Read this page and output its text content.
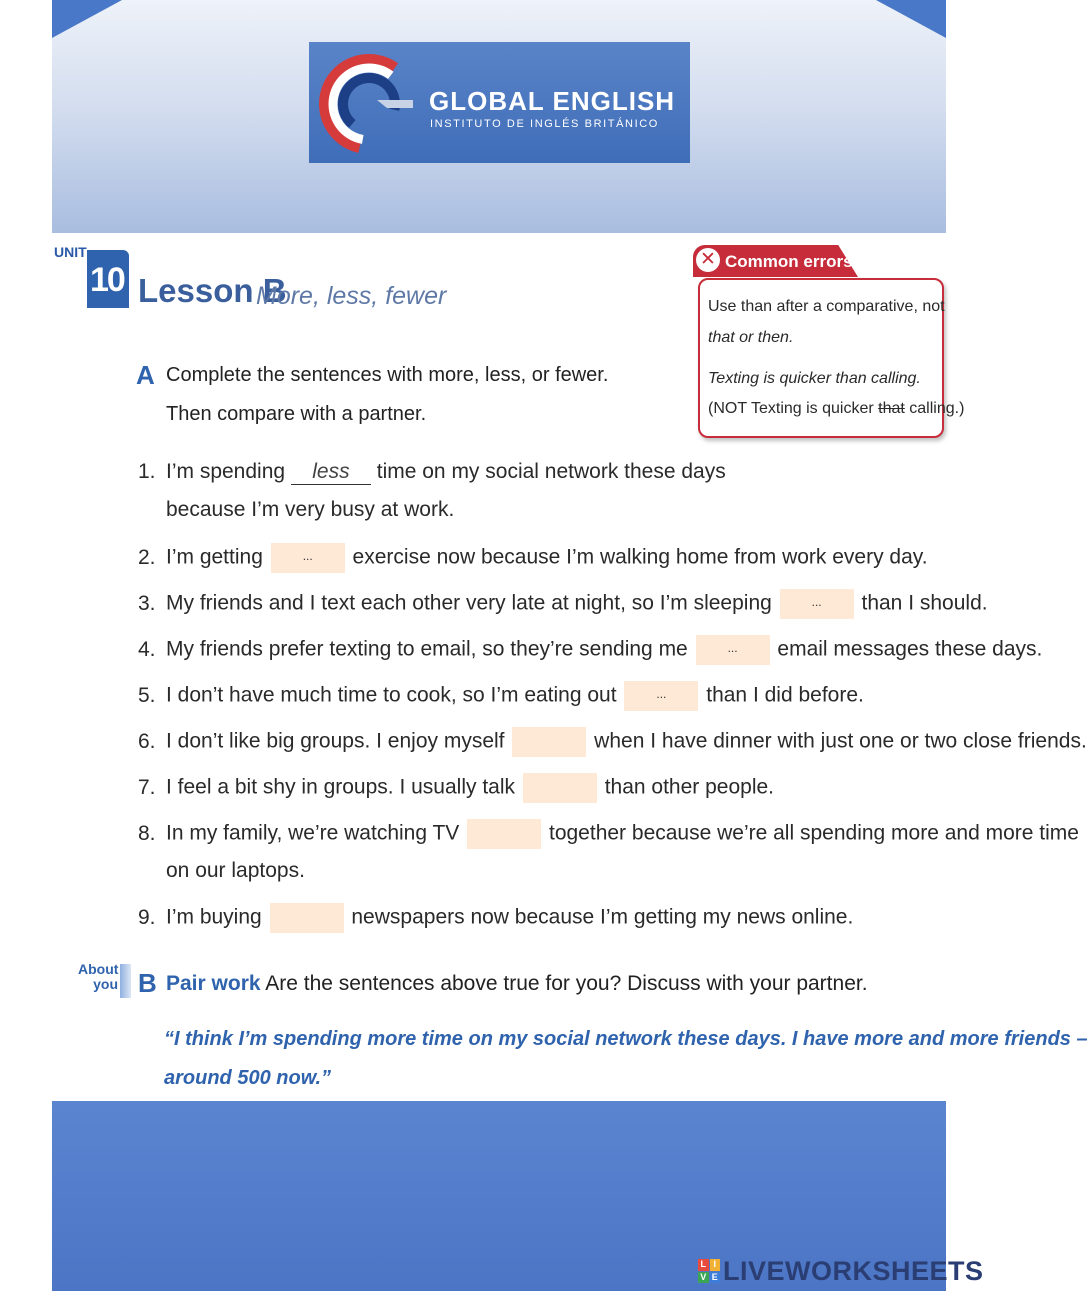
GLOBAL ENGLISH
INSTITUTO DE INGLÉS BRITÁNICO
UNIT
10 Lesson B
More, less, fewer
✕ Common errors
Use than after a comparative, not
that or then.
Texting is quicker than calling.
(NOT Texting is quicker that calling.)
A Complete the sentences with more, less, or fewer.
Then compare with a partner.
1. I’m spending less time on my social network these days
because I’m very busy at work.
2. I’m getting	... exercise now because I’m walking home from work every day.
3. My friends and I text each other very late at night, so I’m sleeping	... than I should.
4. My friends prefer texting to email, so they’re sending me	... email messages these days.
5. I don’t have much time to cook, so I’m eating out	... than I did before.
6. I don’t like big groups. I enjoy myself	when I have dinner with just one or two close friends.
7. I feel a bit shy in groups. I usually talk	than other people.
8. In my family, we’re watching TV	together because we’re all spending more and more time
on our laptops.
9. I’m buying	newspapers now because I’m getting my news online.
About
you B Pair work Are the sentences above true for you? Discuss with your partner.
“I think I’m spending more time on my social network these days. I have more and more friends –
around 500 now.”
L I
V E LIVEWORKSHEETS
